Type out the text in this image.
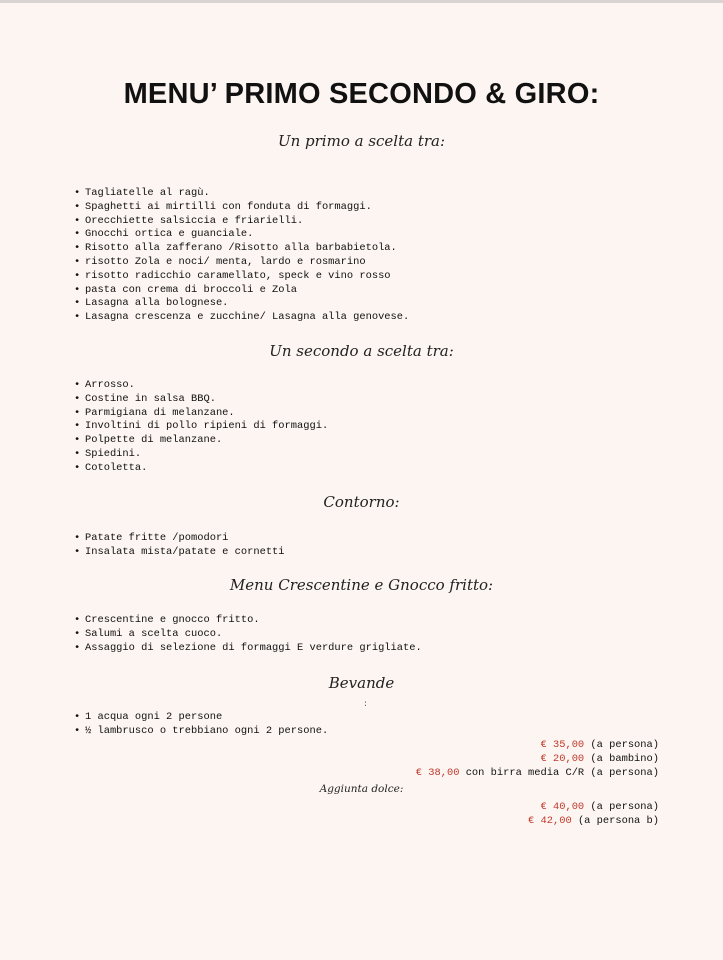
MENU’ PRIMO SECONDO & GIRO:
Un primo a scelta tra:
• Tagliatelle al ragù.
• Spaghetti ai mirtilli con fonduta di formaggi.
• Orecchiette salsiccia e friarielli.
• Gnocchi ortica e guanciale.
• Risotto alla zafferano /Risotto alla barbabietola.
• risotto Zola e noci/ menta, lardo e rosmarino
• risotto radicchio caramellato, speck e vino rosso
• pasta con crema di broccoli e Zola
• Lasagna alla bolognese.
• Lasagna crescenza e zucchine/ Lasagna alla genovese.
Un secondo a scelta tra:
• Arrosso.
• Costine in salsa BBQ.
• Parmigiana di melanzane.
• Involtini di pollo ripieni di formaggi.
• Polpette di melanzane.
• Spiedini.
• Cotoletta.
Contorno:
• Patate fritte /pomodori
• Insalata mista/patate e cornetti
Menu Crescentine e Gnocco fritto:
• Crescentine e gnocco fritto.
• Salumi a scelta cuoco.
• Assaggio di selezione di formaggi E verdure grigliate.
Bevande
:
• 1 acqua ogni 2 persone
• ½ lambrusco o trebbiano ogni 2 persone.
€ 35,00 (a persona)
€ 20,00 (a bambino)
€ 38,00 con birra media C/R (a persona)
Aggiunta dolce:
€ 40,00 (a persona)
€ 42,00 (a persona b)
